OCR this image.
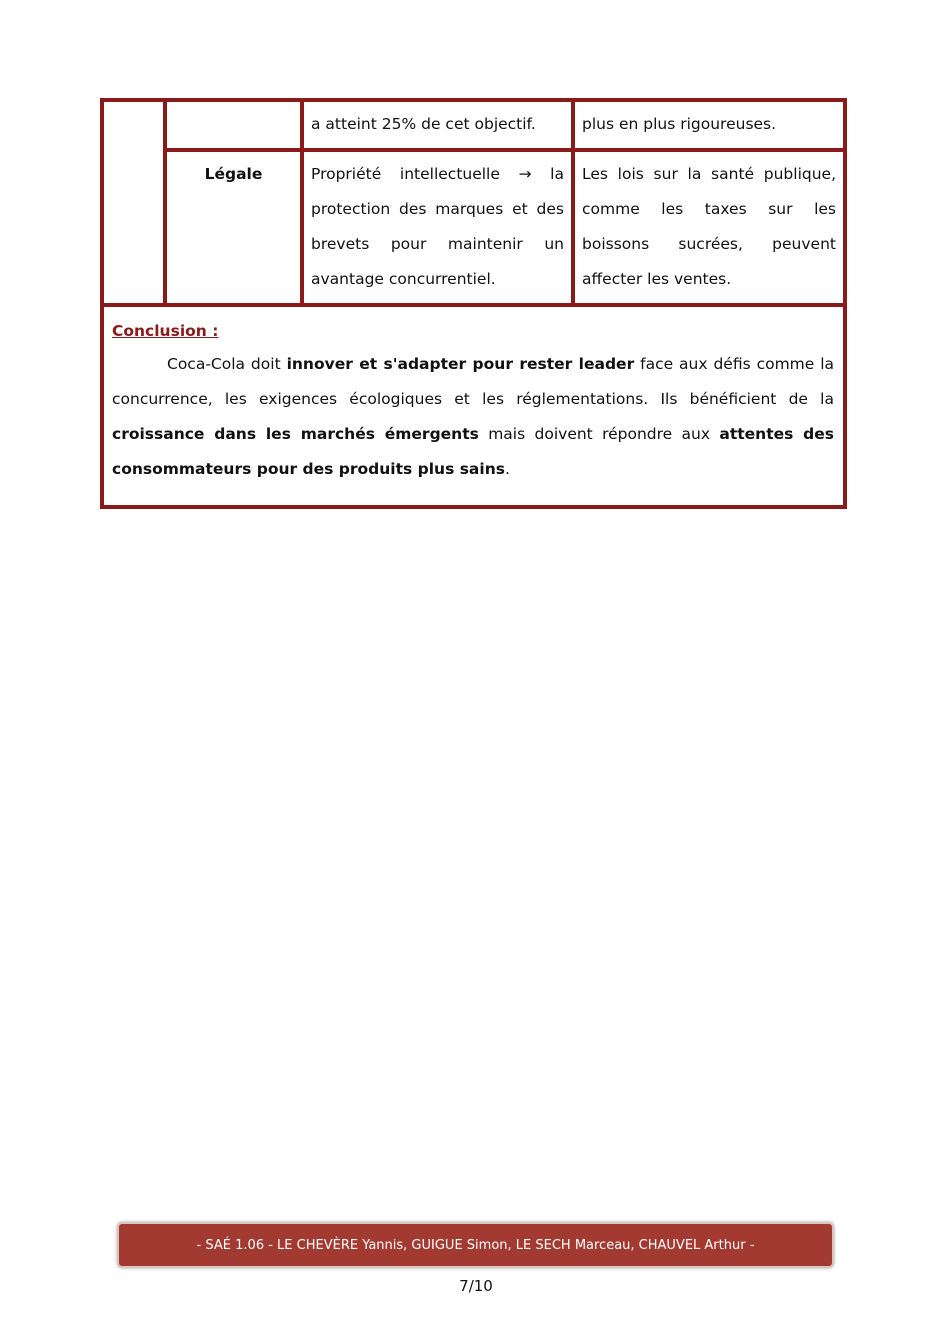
		a atteint 25% de cet objectif.	plus en plus rigoureuses.
	Légale	Propriété intellectuelle → la protection des marques et des brevets pour maintenir un avantage concurrentiel.	Les lois sur la santé publique, comme les taxes sur les boissons sucrées, peuvent affecter les ventes.

Conclusion :
Coca-Cola doit innover et s'adapter pour rester leader face aux défis comme la concurrence, les exigences écologiques et les réglementations. Ils bénéficient de la croissance dans les marchés émergents mais doivent répondre aux attentes des consommateurs pour des produits plus sains.			
- SAÉ 1.06 - LE CHEVÈRE Yannis, GUIGUE Simon, LE SECH Marceau, CHAUVEL Arthur -
7/10
